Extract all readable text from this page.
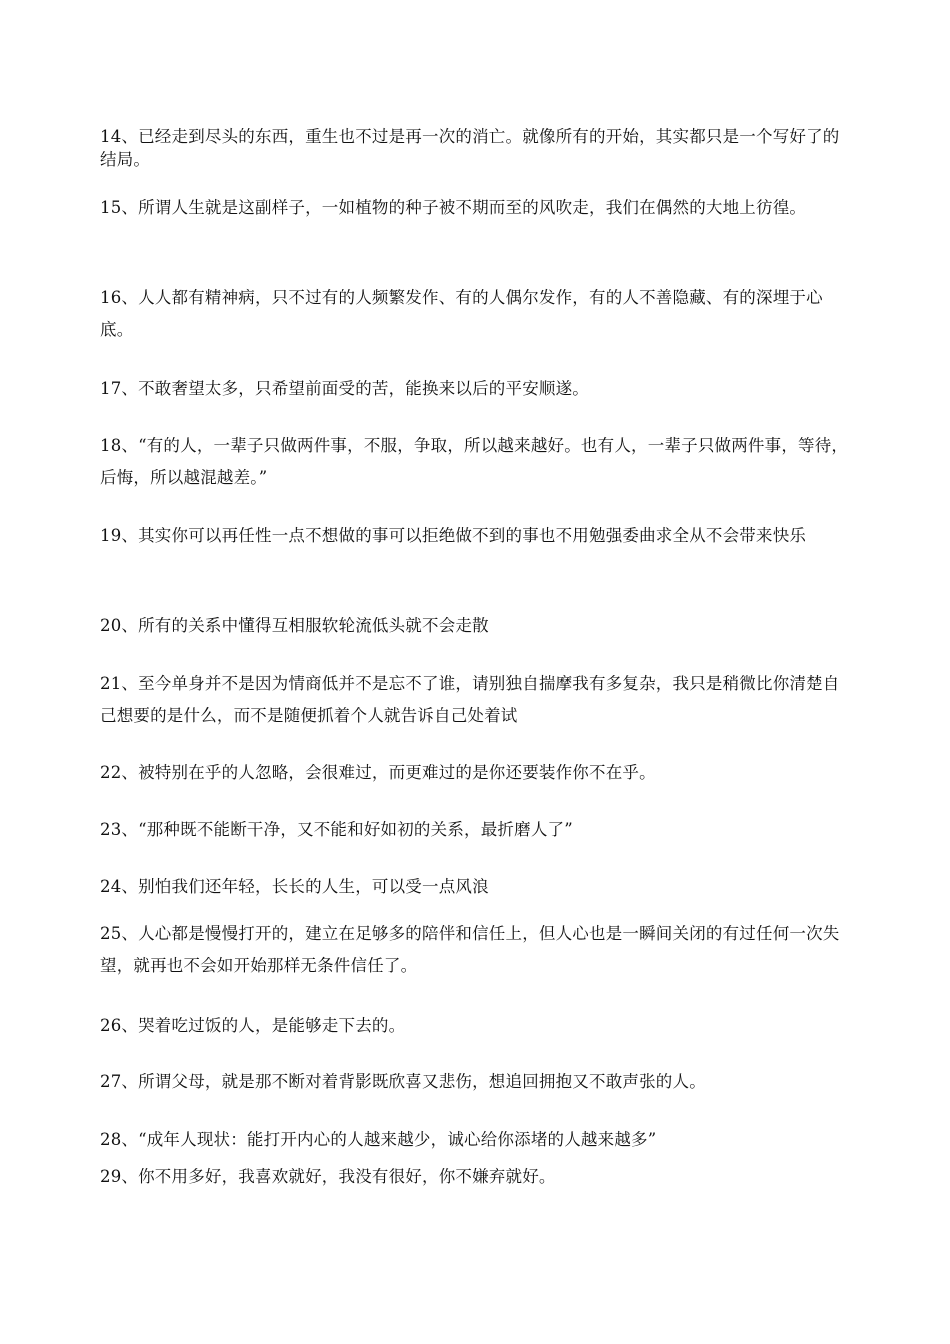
14、已经走到尽头的东西，重生也不过是再一次的消亡。就像所有的开始，其实都只是一个写好了的结局。

15、所谓人生就是这副样子，一如植物的种子被不期而至的风吹走，我们在偶然的大地上彷徨。

16、人人都有精神病，只不过有的人频繁发作、有的人偶尔发作，有的人不善隐藏、有的深埋于心底。

17、不敢奢望太多，只希望前面受的苦，能换来以后的平安顺遂。

18、“有的人，一辈子只做两件事，不服，争取，所以越来越好。也有人，一辈子只做两件事，等待，后悔，所以越混越差。”

19、其实你可以再任性一点不想做的事可以拒绝做不到的事也不用勉强委曲求全从不会带来快乐

20、所有的关系中懂得互相服软轮流低头就不会走散

21、至今单身并不是因为情商低并不是忘不了谁，请别独自揣摩我有多复杂，我只是稍微比你清楚自己想要的是什么，而不是随便抓着个人就告诉自己处着试

22、被特别在乎的人忽略，会很难过，而更难过的是你还要装作你不在乎。

23、“那种既不能断干净，又不能和好如初的关系，最折磨人了”

24、别怕我们还年轻，长长的人生，可以受一点风浪

25、人心都是慢慢打开的，建立在足够多的陪伴和信任上，但人心也是一瞬间关闭的有过任何一次失望，就再也不会如开始那样无条件信任了。

26、哭着吃过饭的人，是能够走下去的。

27、所谓父母，就是那不断对着背影既欣喜又悲伤，想追回拥抱又不敢声张的人。

28、“成年人现状：能打开内心的人越来越少，诚心给你添堵的人越来越多”

29、你不用多好，我喜欢就好，我没有很好，你不嫌弃就好。
